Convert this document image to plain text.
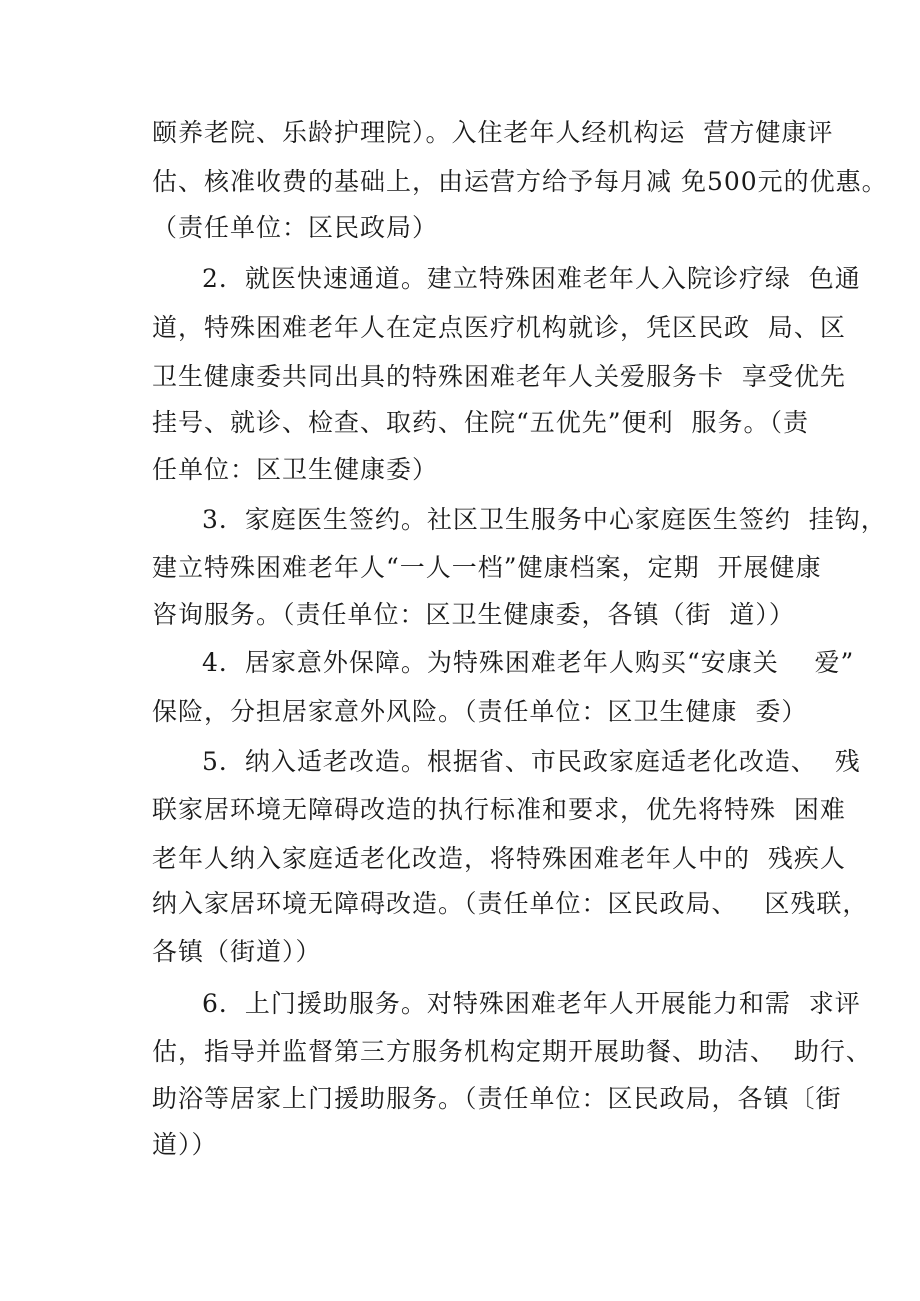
颐养老院、乐龄护理院）。入住老年人经机构运  营方健康评
估、核准收费的基础上，由运营方给予每月减 免500元的优惠。
（责任单位：区民政局）
2．就医快速通道。建立特殊困难老年人入院诊疗绿  色通
道，特殊困难老年人在定点医疗机构就诊，凭区民政  局、区
卫生健康委共同出具的特殊困难老年人关爱服务卡  享受优先
挂号、就诊、检查、取药、住院“五优先”便利  服务。（责
任单位：区卫生健康委）
3．家庭医生签约。社区卫生服务中心家庭医生签约  挂钩，
建立特殊困难老年人“一人一档”健康档案，定期  开展健康
咨询服务。（责任单位：区卫生健康委，各镇（街  道））
4．居家意外保障。为特殊困难老年人购买“安康关    爱”
保险，分担居家意外风险。（责任单位：区卫生健康  委）
5．纳入适老改造。根据省、市民政家庭适老化改造、  残
联家居环境无障碍改造的执行标准和要求，优先将特殊  困难
老年人纳入家庭适老化改造，将特殊困难老年人中的  残疾人
纳入家居环境无障碍改造。（责任单位：区民政局、   区残联，
各镇（街道））
6．上门援助服务。对特殊困难老年人开展能力和需  求评
估，指导并监督第三方服务机构定期开展助餐、助洁、  助行、
助浴等居家上门援助服务。（责任单位：区民政局，各镇〔街
道））
